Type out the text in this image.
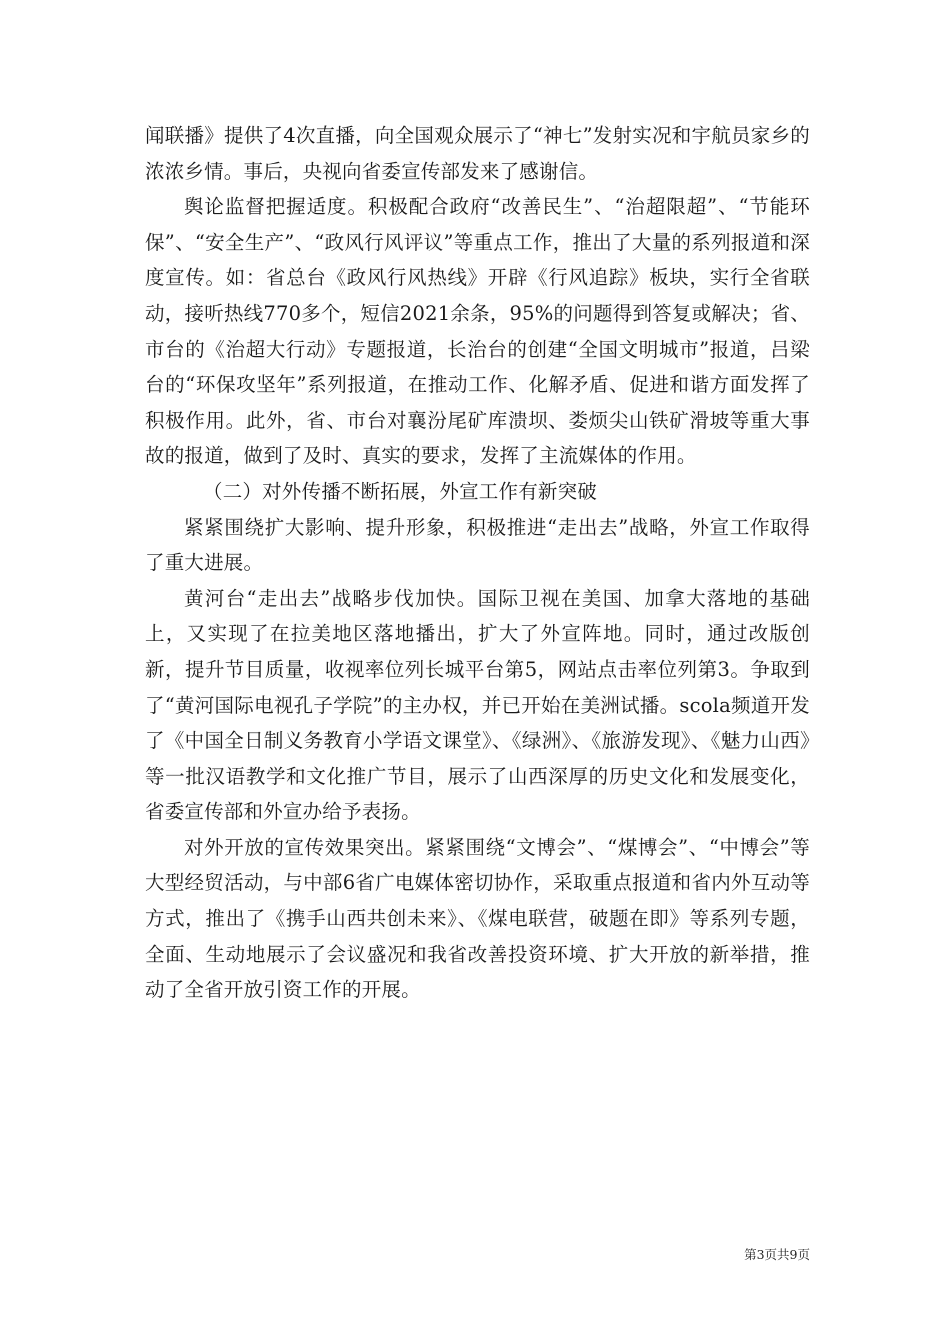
闻联播》提供了4次直播，向全国观众展示了“神七”发射实况和宇航员家乡的浓浓乡情。事后，央视向省委宣传部发来了感谢信。

舆论监督把握适度。积极配合政府“改善民生”、“治超限超”、“节能环保”、“安全生产”、“政风行风评议”等重点工作，推出了大量的系列报道和深度宣传。如：省总台《政风行风热线》开辟《行风追踪》板块，实行全省联动，接听热线770多个，短信2021余条，95%的问题得到答复或解决；省、市台的《治超大行动》专题报道，长治台的创建“全国文明城市”报道，吕梁台的“环保攻坚年”系列报道，在推动工作、化解矛盾、促进和谐方面发挥了积极作用。此外，省、市台对襄汾尾矿库溃坝、娄烦尖山铁矿滑坡等重大事故的报道，做到了及时、真实的要求，发挥了主流媒体的作用。

（二）对外传播不断拓展，外宣工作有新突破

紧紧围绕扩大影响、提升形象，积极推进“走出去”战略，外宣工作取得了重大进展。

黄河台“走出去”战略步伐加快。国际卫视在美国、加拿大落地的基础上，又实现了在拉美地区落地播出，扩大了外宣阵地。同时，通过改版创新，提升节目质量，收视率位列长城平台第5，网站点击率位列第3。争取到了“黄河国际电视孔子学院”的主办权，并已开始在美洲试播。scola频道开发了《中国全日制义务教育小学语文课堂》、《绿洲》、《旅游发现》、《魅力山西》等一批汉语教学和文化推广节目，展示了山西深厚的历史文化和发展变化，省委宣传部和外宣办给予表扬。

对外开放的宣传效果突出。紧紧围绕“文博会”、“煤博会”、“中博会”等大型经贸活动，与中部6省广电媒体密切协作，采取重点报道和省内外互动等方式，推出了《携手山西共创未来》、《煤电联营，破题在即》等系列专题，全面、生动地展示了会议盛况和我省改善投资环境、扩大开放的新举措，推动了全省开放引资工作的开展。

第3页共9页
